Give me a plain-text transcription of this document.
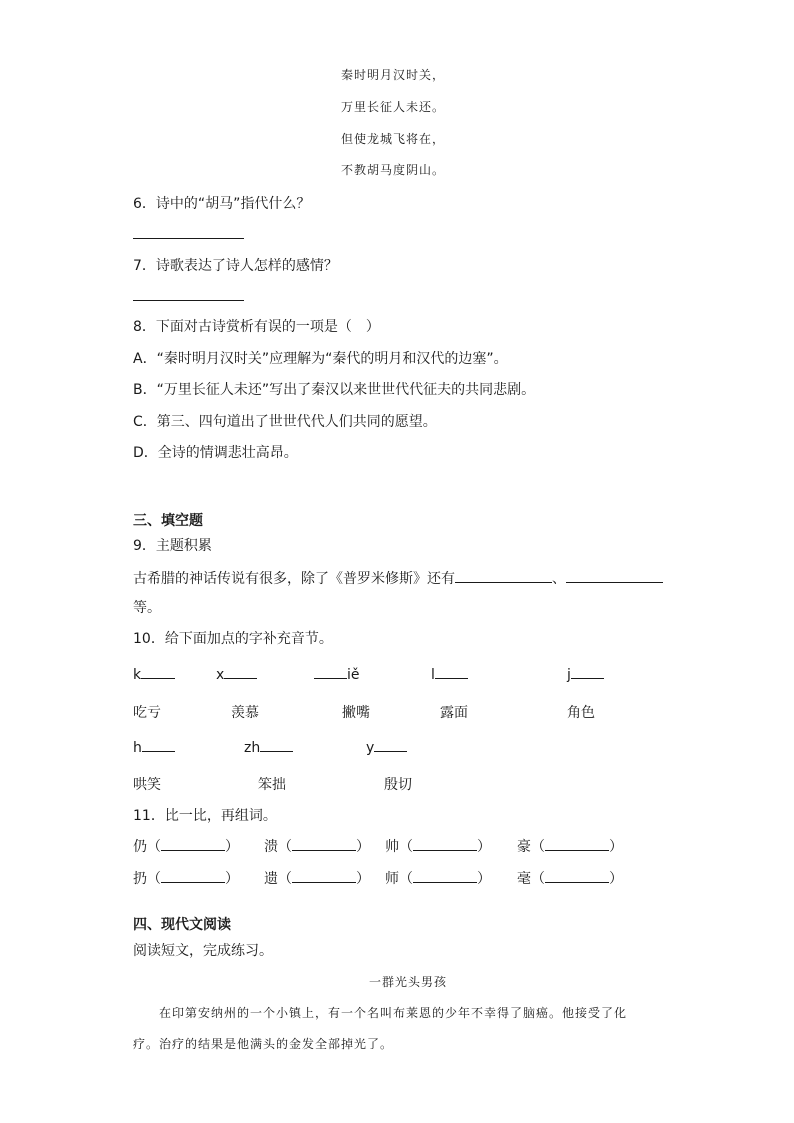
秦时明月汉时关，
万里长征人未还。
但使龙城飞将在，
不教胡马度阴山。
6．诗中的“胡马”指代什么？
7．诗歌表达了诗人怎样的感情？
8．下面对古诗赏析有误的一项是（　）
A．“秦时明月汉时关”应理解为“秦代的明月和汉代的边塞”。
B．“万里长征人未还”写出了秦汉以来世世代代征夫的共同悲剧。
C．第三、四句道出了世世代代人们共同的愿望。
D．全诗的情调悲壮高昂。
三、填空题
9．主题积累
古希腊的神话传说有很多，除了《普罗米修斯》还有	、
等。
10．给下面加点的字补充音节。
k	x	iě	l	j
吃亏	羡慕	撇嘴	露面	角色
h	zh	y
哄笑	笨拙	殷切
11．比一比，再组词。
仍（	） 溃（	） 帅（	） 豪（	）
扔（	） 遗（	） 师（	） 毫（	）
四、现代文阅读
阅读短文，完成练习。
一群光头男孩
在印第安纳州的一个小镇上，有一个名叫布莱恩的少年不幸得了脑癌。他接受了化
疗。治疗的结果是他满头的金发全部掉光了。
